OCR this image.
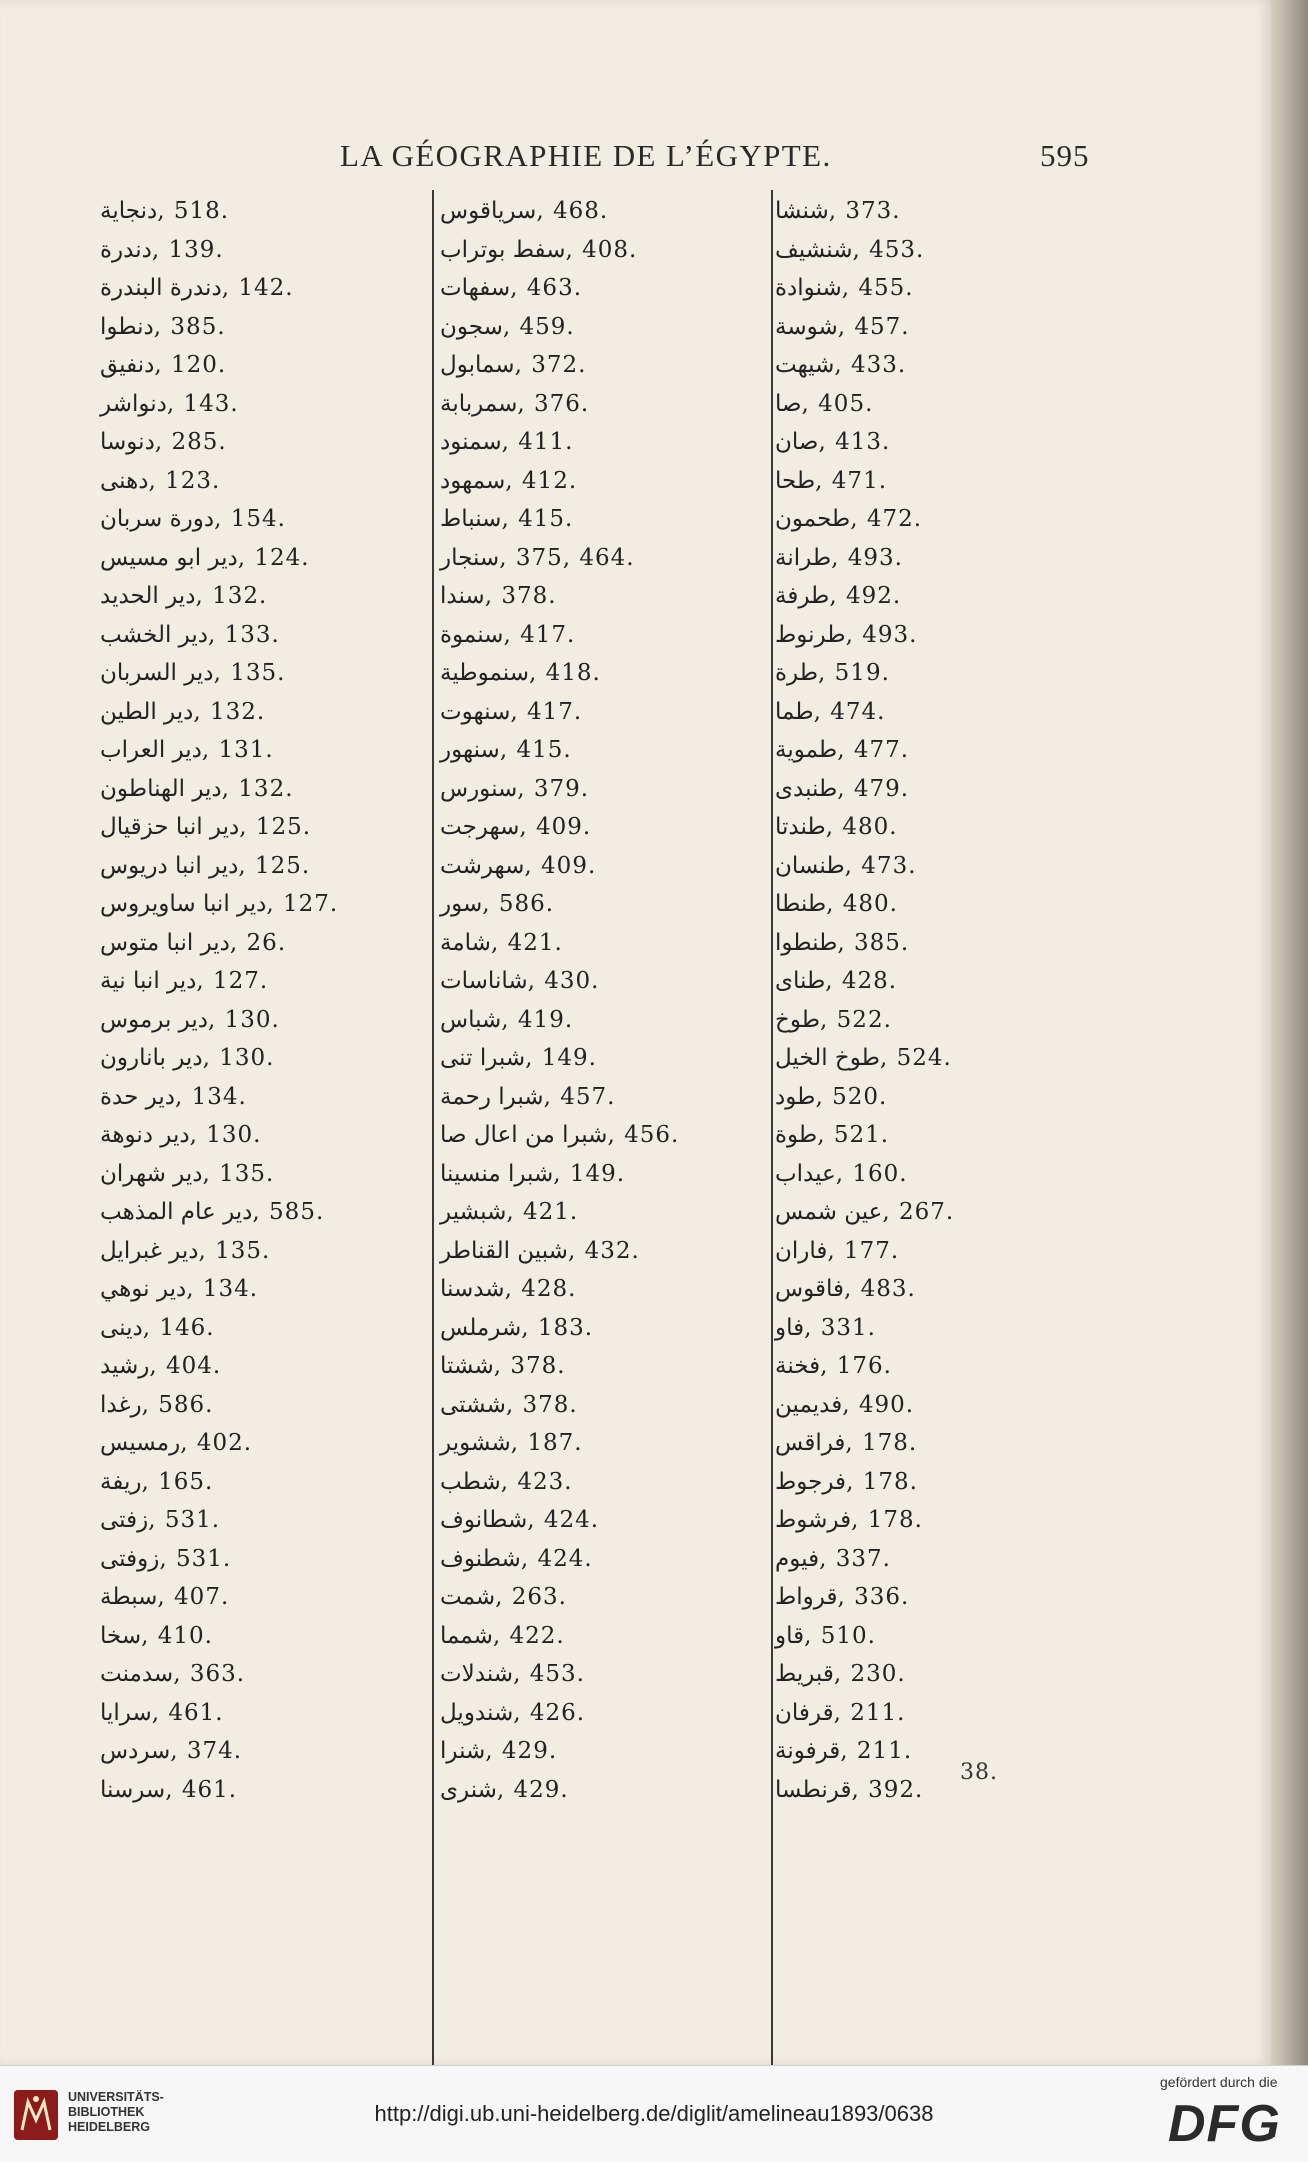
LA GÉOGRAPHIE DE L’ÉGYPTE.	595
دنجاية , 518.
دندرة , 139.
دندرة البندرة , 142.
دنطوا , 385.
دنفيق , 120.
دنواشر , 143.
دنوسا , 285.
دهنى , 123.
دورة سربان , 154.
دير ابو مسيس , 124.
دير الحديد , 132.
دير الخشب , 133.
دير السربان , 135.
دير الطين , 132.
دير العراب , 131.
دير الهناطون , 132.
دير انبا حزقيال , 125.
دير انبا دريوس , 125.
دير انبا ساويروس , 127.
دير انبا متوس , 26.
دير انبا نية , 127.
دير برموس , 130.
دير بانارون , 130.
دير حدة , 134.
دير دنوهة , 130.
دير شهران , 135.
دير عام المذهب , 585.
دير غبرايل , 135.
دير نوهي , 134.
دينى , 146.
رشيد , 404.
رغدا , 586.
رمسيس , 402.
ريفة , 165.
زفتى , 531.
زوفتى , 531.
سبطة , 407.
سخا , 410.
سدمنت , 363.
سرايا , 461.
سردس , 374.
سرسنا , 461.
سرياقوس , 468.
سفط بوتراب , 408.
سفهات , 463.
سجون , 459.
سمابول , 372.
سمربابة , 376.
سمنود , 411.
سمهود , 412.
سنباط , 415.
سنجار , 375, 464.
سندا , 378.
سنموة , 417.
سنموطية , 418.
سنهوت , 417.
سنهور , 415.
سنورس , 379.
سهرجت , 409.
سهرشت , 409.
سور , 586.
شامة , 421.
شاناسات , 430.
شباس , 419.
شبرا تنى , 149.
شبرا رحمة , 457.
شبرا من اعال صا , 456.
شبرا منسينا , 149.
شبشير , 421.
شبين القناطر , 432.
شدسنا , 428.
شرملس , 183.
ششتا , 378.
ششتى , 378.
ششوير , 187.
شطب , 423.
شطانوف , 424.
شطنوف , 424.
شمت , 263.
شمما , 422.
شندلات , 453.
شندويل , 426.
شنرا , 429.
شنرى , 429.
شنشا , 373.
شنشيف , 453.
شنوادة , 455.
شوسة , 457.
شيهت , 433.
صا , 405.
صان , 413.
طحا , 471.
طحمون , 472.
طرانة , 493.
طرفة , 492.
طرنوط , 493.
طرة , 519.
طما , 474.
طموية , 477.
طنبدى , 479.
طندتا , 480.
طنسان , 473.
طنطا , 480.
طنطوا , 385.
طناى , 428.
طوخ , 522.
طوخ الخيل , 524.
طود , 520.
طوة , 521.
عيداب , 160.
عين شمس , 267.
فاران , 177.
فاقوس , 483.
فاو , 331.
فخنة , 176.
فديمين , 490.
فراقس , 178.
فرجوط , 178.
فرشوط , 178.
فيوم , 337.
قرواط , 336.
قاو , 510.
قبريط , 230.
قرفان , 211.
قرفونة , 211.
قرنطسا , 392.
38.
UNIVERSITÄTS-
BIBLIOTHEK
HEIDELBERG
http://digi.ub.uni-heidelberg.de/diglit/amelineau1893/0638
gefördert durch die
DFG
